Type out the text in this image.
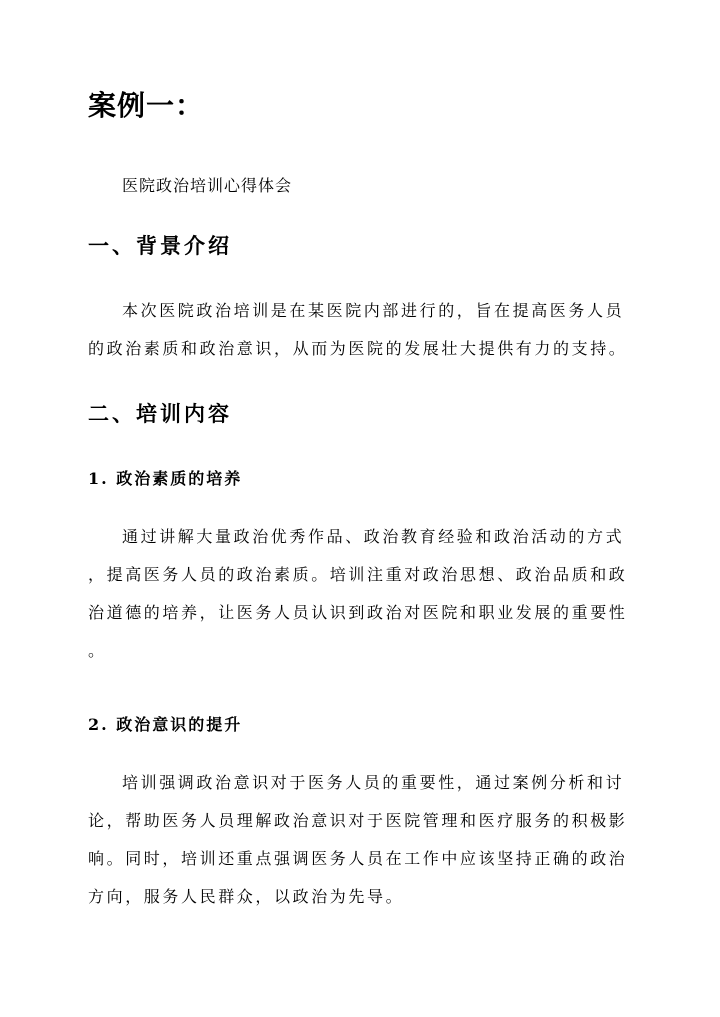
案例一：

医院政治培训心得体会

一、背景介绍

本次医院政治培训是在某医院内部进行的，旨在提高医务人员
的政治素质和政治意识，从而为医院的发展壮大提供有力的支持。

二、培训内容
1. 政治素质的培养

通过讲解大量政治优秀作品、政治教育经验和政治活动的方式
，提高医务人员的政治素质。培训注重对政治思想、政治品质和政
治道德的培养，让医务人员认识到政治对医院和职业发展的重要性
。

2. 政治意识的提升

培训强调政治意识对于医务人员的重要性，通过案例分析和讨
论，帮助医务人员理解政治意识对于医院管理和医疗服务的积极影
响。同时，培训还重点强调医务人员在工作中应该坚持正确的政治
方向，服务人民群众，以政治为先导。
